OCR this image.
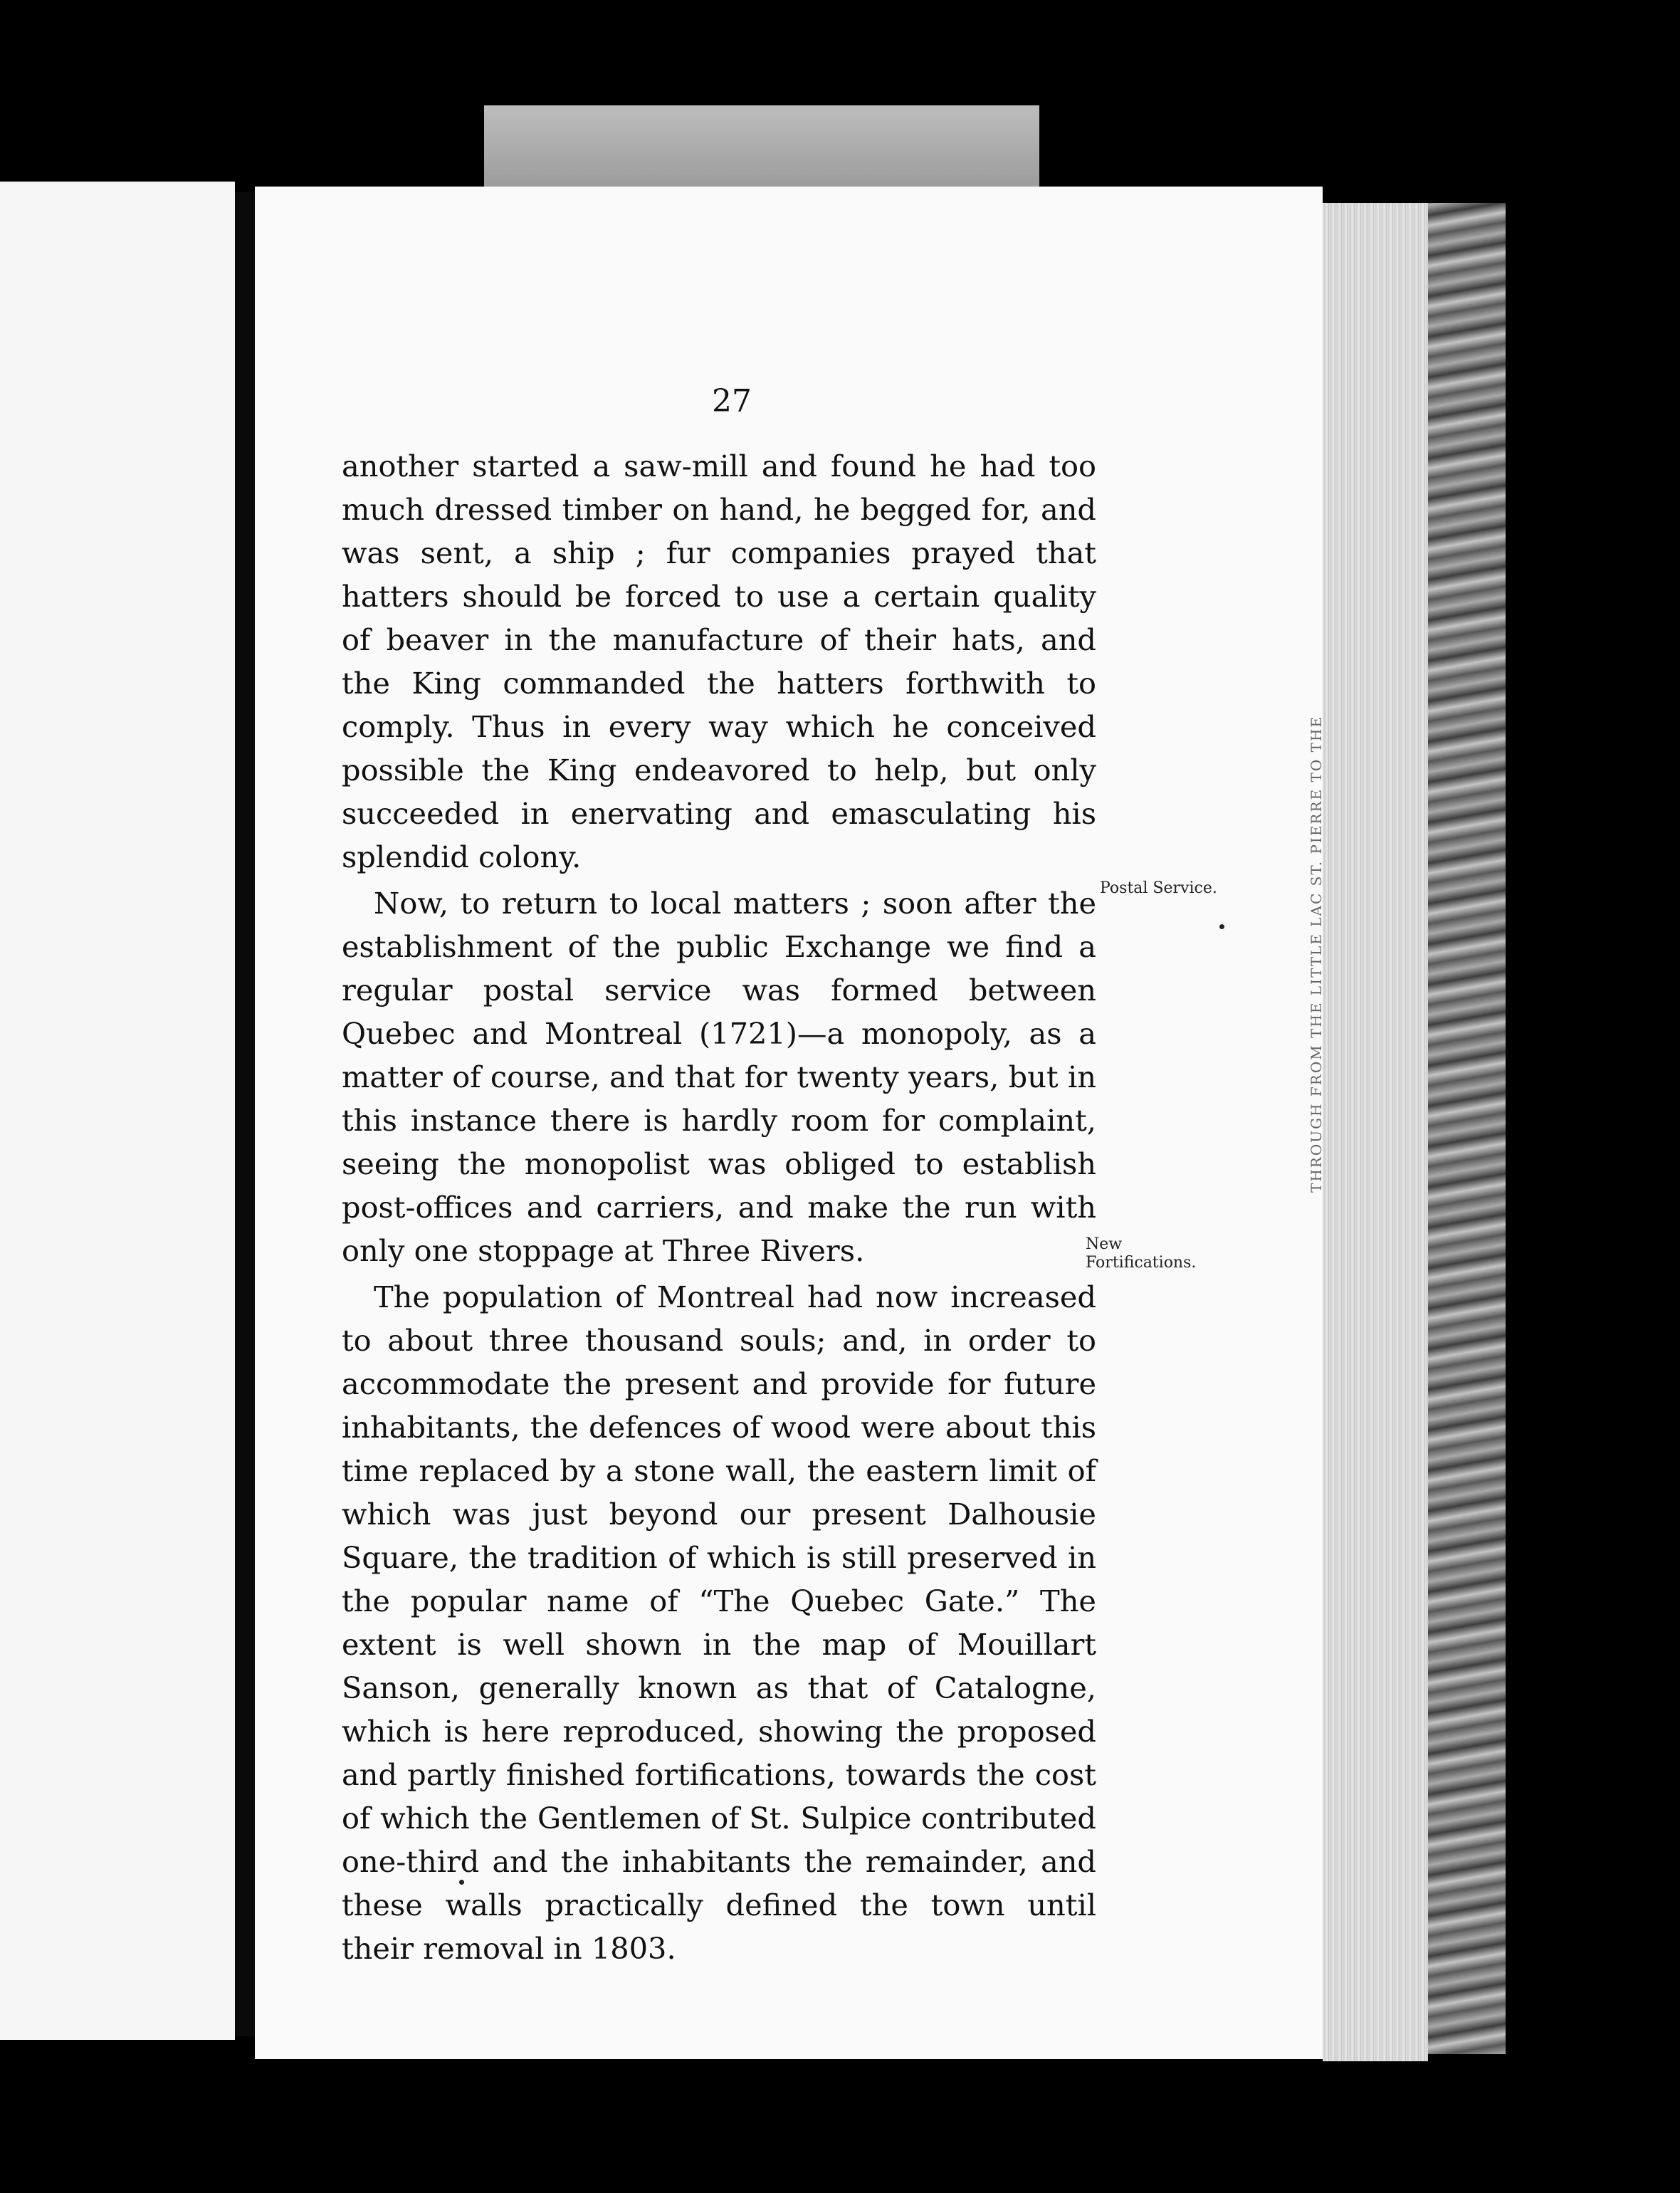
THROUGH FROM THE LITTLE LAC ST. PIERRE TO THE
27

another started a saw-mill and found he had too much dressed timber on hand, he begged for, and was sent, a ship ; fur companies prayed that hatters should be forced to use a certain quality of beaver in the manufacture of their hats, and the King commanded the hatters forthwith to comply. Thus in every way which he conceived possible the King endeavored to help, but only succeeded in enervating and emasculating his splendid colony.

Now, to return to local matters ; soon after the establishment of the public Exchange we find a regular postal service was formed between Quebec and Montreal (1721)—a monopoly, as a matter of course, and that for twenty years, but in this instance there is hardly room for complaint, seeing the monopolist was obliged to establish post-offices and carriers, and make the run with only one stoppage at Three Rivers.

The population of Montreal had now increased to about three thousand souls; and, in order to accommodate the present and provide for future inhabitants, the defences of wood were about this time replaced by a stone wall, the eastern limit of which was just beyond our present Dalhousie Square, the tradition of which is still preserved in the popular name of “The Quebec Gate.” The extent is well shown in the map of Mouillart Sanson, generally known as that of Catalogne, which is here reproduced, showing the proposed and partly finished fortifications, towards the cost of which the Gentlemen of St. Sulpice contributed one-third and the inhabitants the remainder, and these walls practically defined the town until their removal in 1803.

Postal Service.
New Fortifications.
